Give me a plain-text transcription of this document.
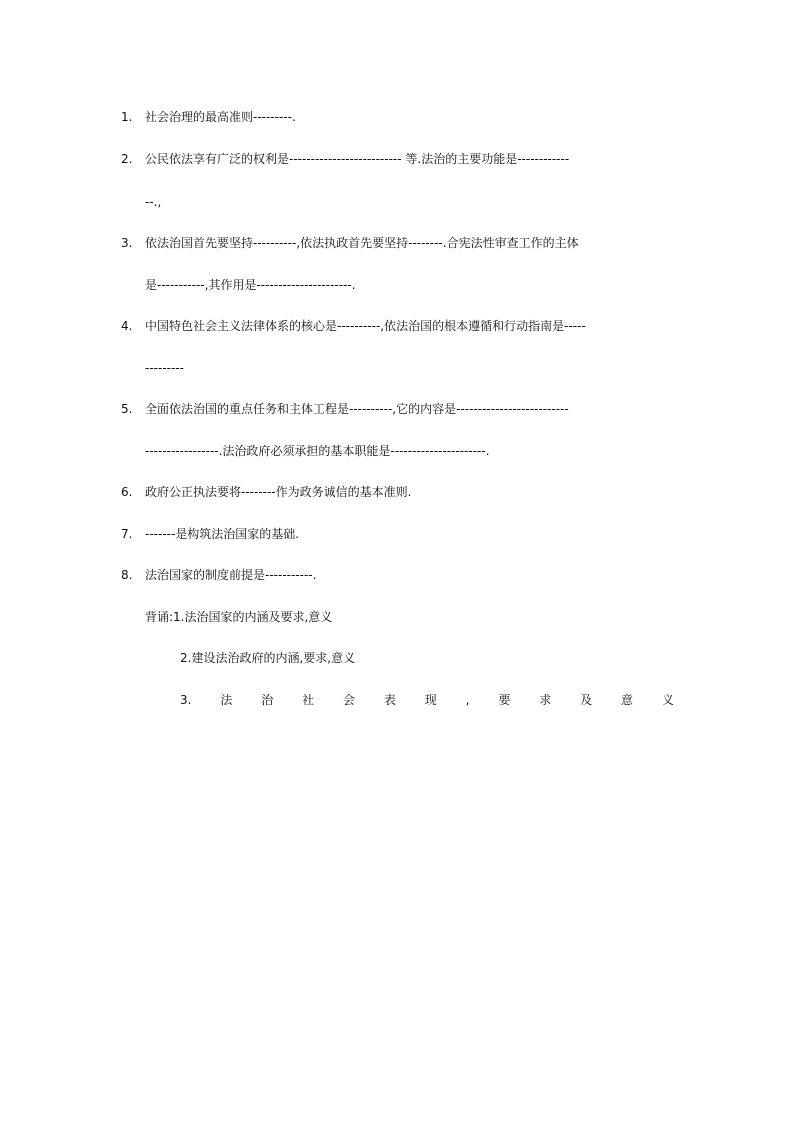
1.	社会治理的最高准则---------.
2.	公民依法享有广泛的权利是-------------------------- 等.法治的主要功能是------------
--.,
3.	依法治国首先要坚持----------,依法执政首先要坚持--------.合宪法性审查工作的主体
是-----------,其作用是----------------------.
4.	中国特色社会主义法律体系的核心是----------,依法治国的根本遵循和行动指南是-----
---------
5.	全面依法治国的重点任务和主体工程是----------,它的内容是--------------------------
-----------------.法治政府必须承担的基本职能是----------------------.
6.	政府公正执法要将--------作为政务诚信的基本准则.
7.	-------是构筑法治国家的基础.
8.	法治国家的制度前提是-----------.
背诵:1.法治国家的内涵及要求,意义
2.建设法治政府的内涵,要求,意义
3. 法 治 社 会 表 现 , 要 求 及 意 义
